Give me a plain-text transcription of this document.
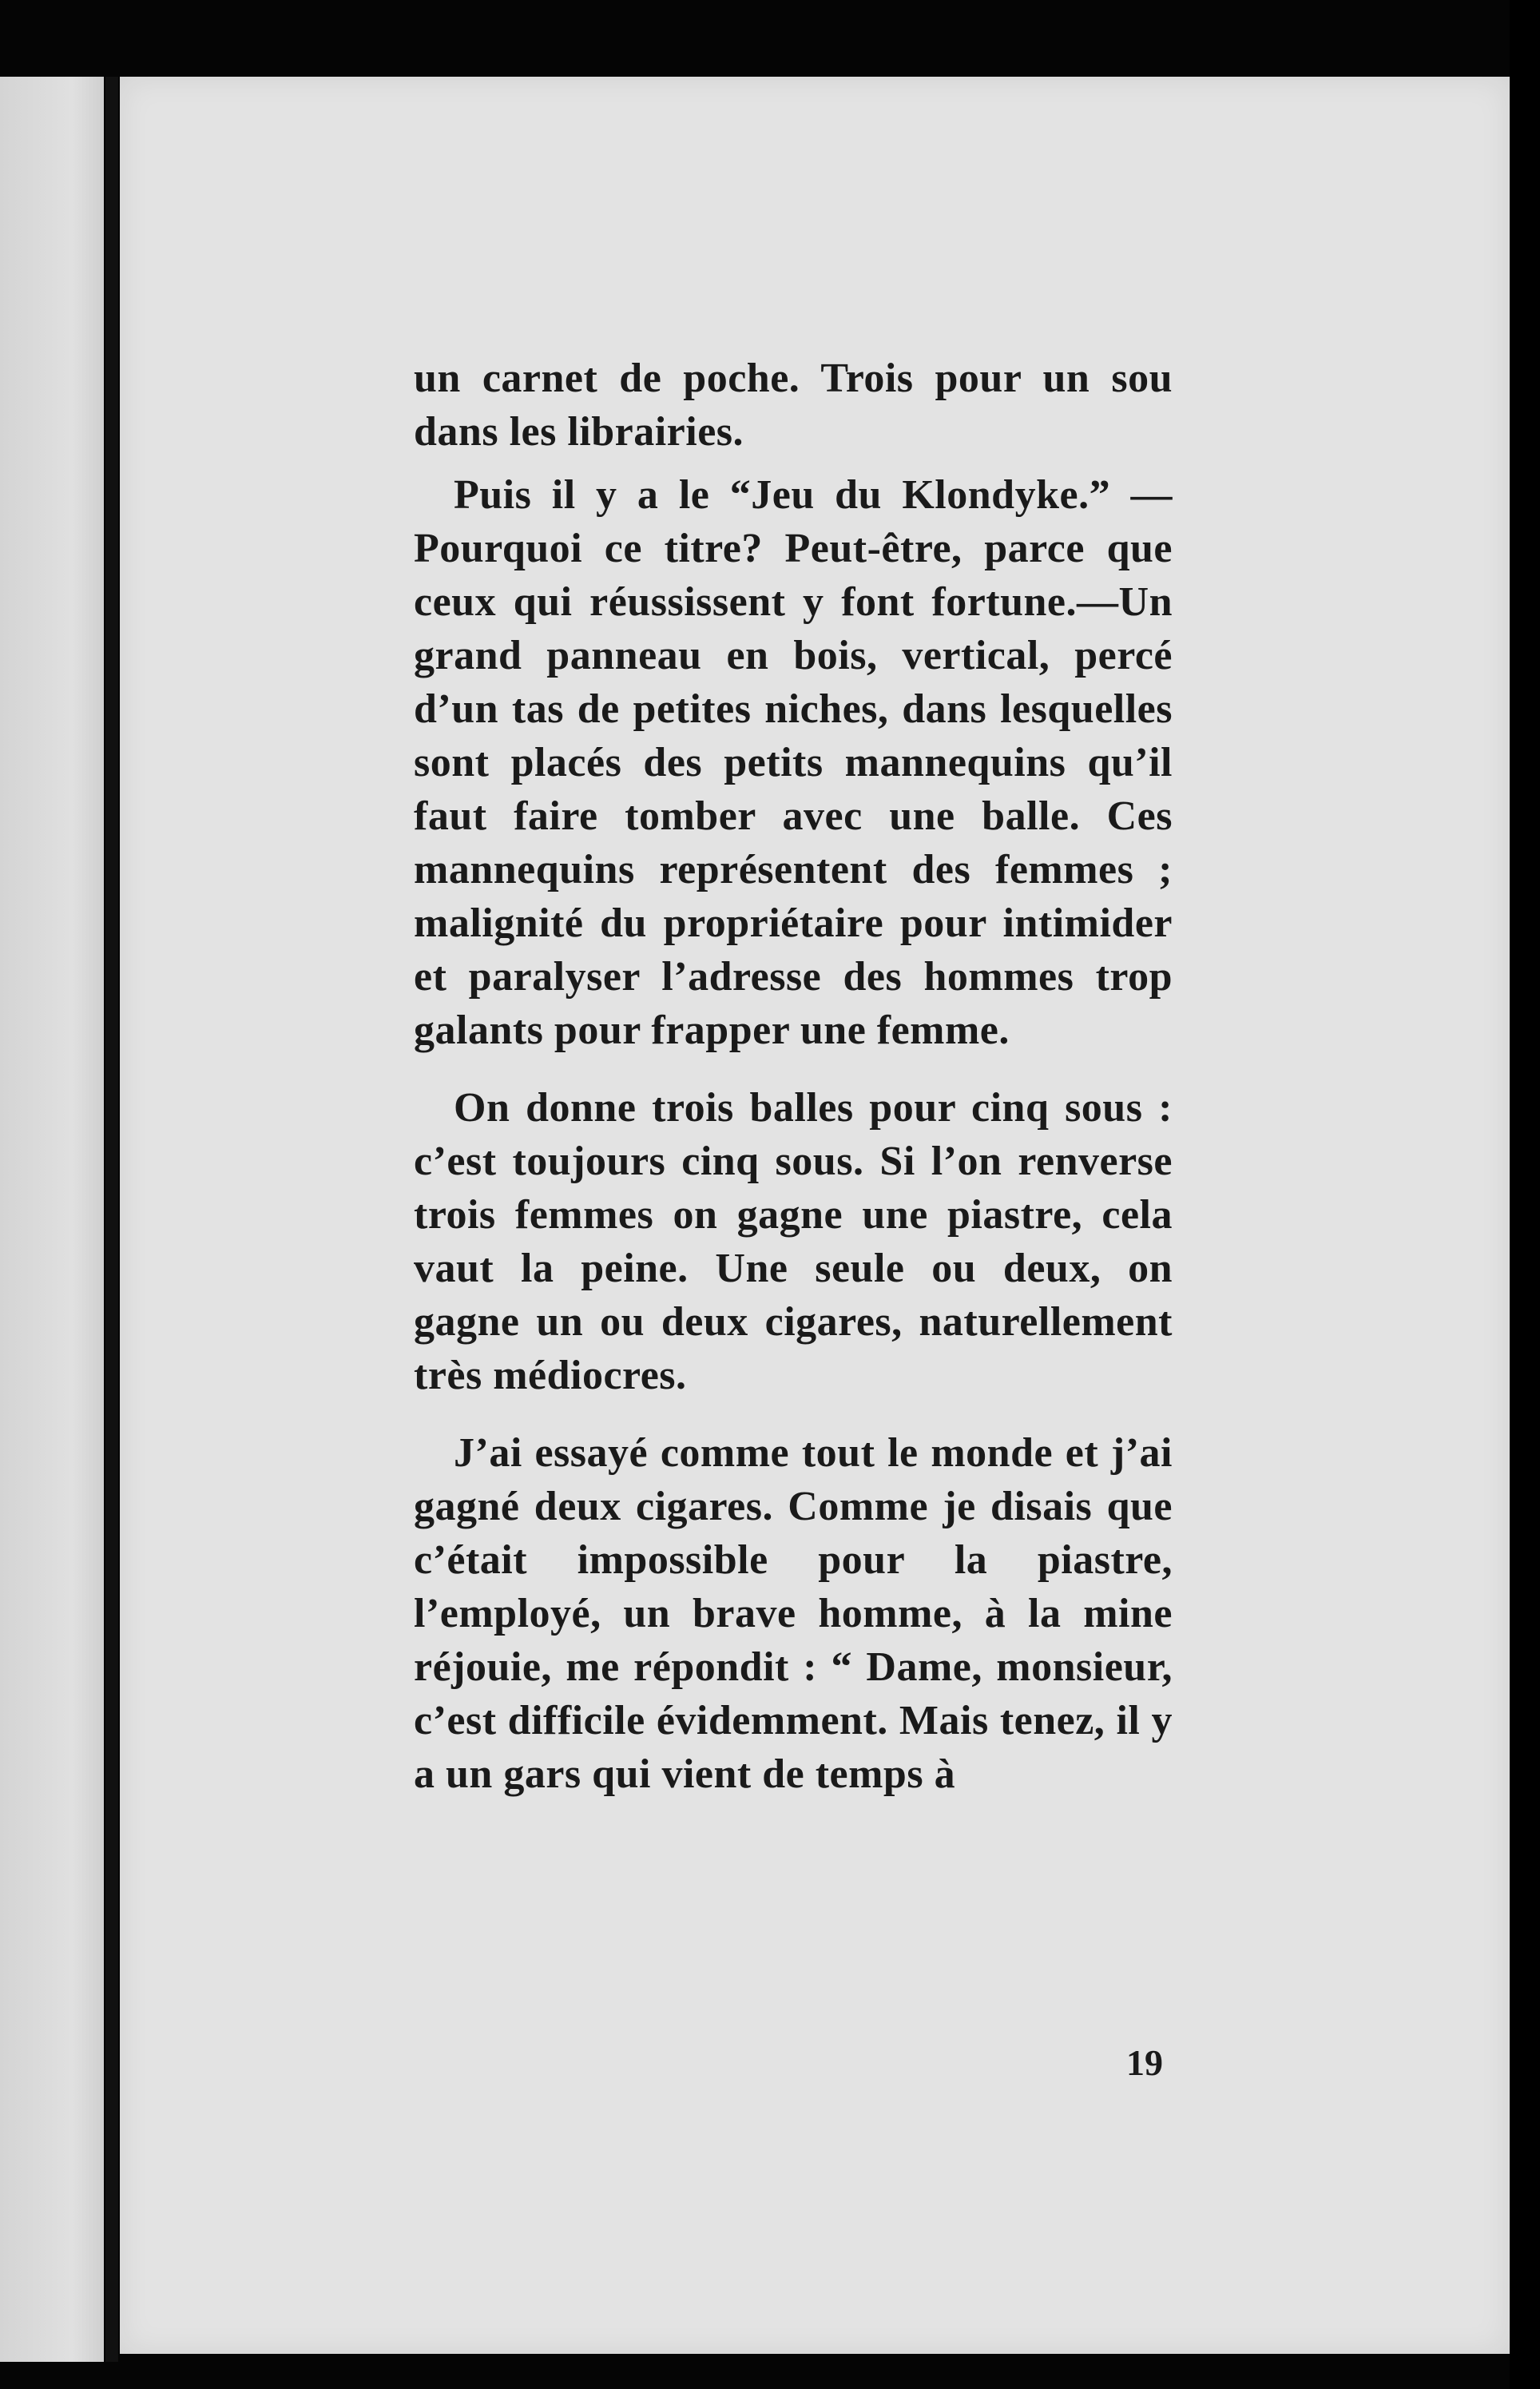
un carnet de poche. Trois pour un sou dans les librairies.

Puis il y a le “Jeu du Klondyke.” —Pourquoi ce titre? Peut-être, parce que ceux qui réussissent y font fortune.—Un grand panneau en bois, vertical, percé d’un tas de petites niches, dans lesquelles sont placés des petits mannequins qu’il faut faire tomber avec une balle. Ces mannequins représentent des femmes ; malignité du propriétaire pour intimider et paralyser l’adresse des hommes trop galants pour frapper une femme.

On donne trois balles pour cinq sous : c’est toujours cinq sous. Si l’on renverse trois femmes on gagne une piastre, cela vaut la peine. Une seule ou deux, on gagne un ou deux cigares, naturellement très médiocres.

J’ai essayé comme tout le monde et j’ai gagné deux cigares. Comme je disais que c’était impossible pour la piastre, l’employé, un brave homme, à la mine réjouie, me répondit : “ Dame, monsieur, c’est difficile évidemment. Mais tenez, il y a un gars qui vient de temps à

19
